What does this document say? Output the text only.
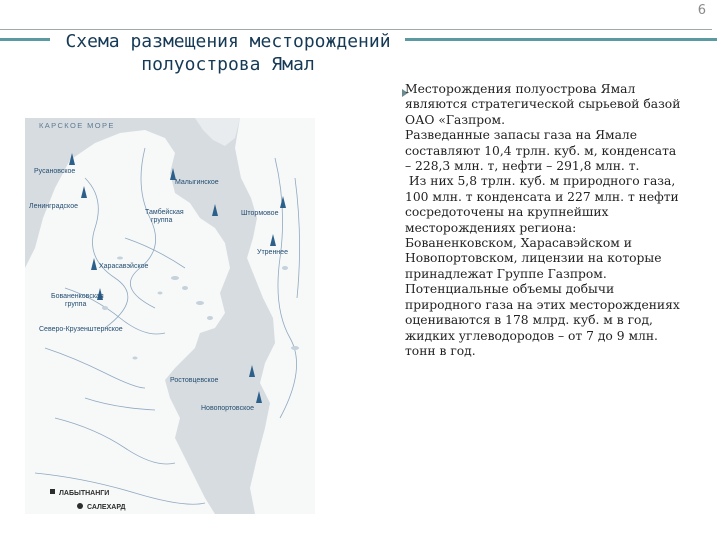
6
Схема размещения месторождений
полуострова Ямал
КАРСКОЕ МОРЕ
Русановское
Ленинградское
Малыгинское
Тамбейская
группа
Штормовое
Утреннее
Харасавэйское
Бованенковская
группа
Северо-Крузенштернское
Ростовцевское
Новопортовское
ЛАБЫТНАНГИ
САЛЕХАРД
Месторождения полуострова Ямал
являются стратегической сырьевой базой
ОАО «Газпром.
Разведанные запасы газа на Ямале
составляют 10,4 трлн. куб. м, конденсата
– 228,3 млн. т, нефти – 291,8 млн. т.
Из них 5,8 трлн. куб. м природного газа,
100 млн. т конденсата и 227 млн. т нефти
сосредоточены на крупнейших
месторождениях региона:
Бованенковском, Харасавэйском и
Новопортовском, лицензии на которые
принадлежат Группе Газпром.
Потенциальные объемы добычи
природного газа на этих месторождениях
оцениваются в 178 млрд. куб. м в год,
жидких углеводородов – от 7 до 9 млн.
тонн в год.
